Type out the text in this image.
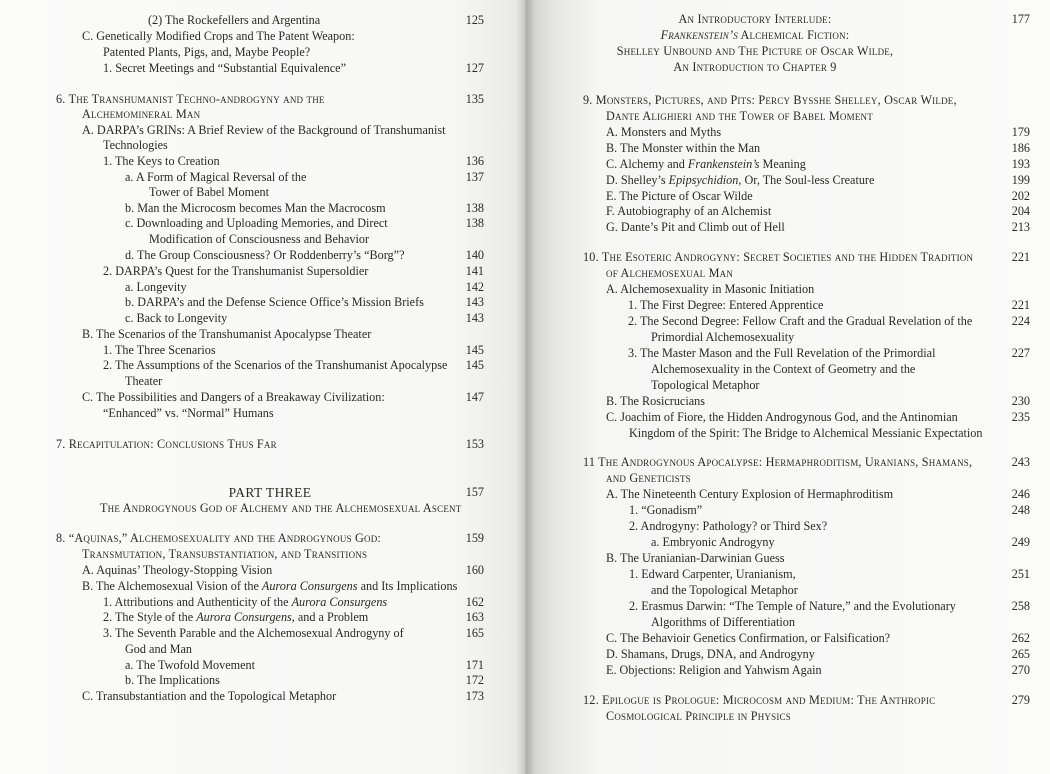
(2) The Rockefellers and Argentina	125
C. Genetically Modified Crops and The Patent Weapon:
Patented Plants, Pigs, and, Maybe People?
1. Secret Meetings and “Substantial Equivalence”	127
6. The Transhumanist Techno-androgyny and the	135
Alchemomineral Man
A. DARPA’s GRINs: A Brief Review of the Background of Transhumanist
Technologies
1. The Keys to Creation	136
a. A Form of Magical Reversal of the	137
Tower of Babel Moment
b. Man the Microcosm becomes Man the Macrocosm	138
c. Downloading and Uploading Memories, and Direct	138
Modification of Consciousness and Behavior
d. The Group Consciousness? Or Roddenberry’s “Borg”?	140
2. DARPA’s Quest for the Transhumanist Supersoldier	141
a. Longevity	142
b. DARPA’s and the Defense Science Office’s Mission Briefs	143
c. Back to Longevity	143
B. The Scenarios of the Transhumanist Apocalypse Theater
1. The Three Scenarios	145
2. The Assumptions of the Scenarios of the Transhumanist Apocalypse	145
Theater
C. The Possibilities and Dangers of a Breakaway Civilization:	147
“Enhanced” vs. “Normal” Humans
7. Recapitulation: Conclusions Thus Far	153
PART THREE	157
The Androgynous God of Alchemy and the Alchemosexual Ascent
8. “Aquinas,” Alchemosexuality and the Androgynous God:	159
Transmutation, Transubstantiation, and Transitions
A. Aquinas’ Theology-Stopping Vision	160
B. The Alchemosexual Vision of the Aurora Consurgens and Its Implications
1. Attributions and Authenticity of the Aurora Consurgens	162
2. The Style of the Aurora Consurgens, and a Problem	163
3. The Seventh Parable and the Alchemosexual Androgyny of	165
God and Man
a. The Twofold Movement	171
b. The Implications	172
C. Transubstantiation and the Topological Metaphor	173
An Introductory Interlude:	177
Frankenstein’s Alchemical Fiction:
Shelley Unbound and The Picture of Oscar Wilde,
An Introduction to Chapter 9
9. Monsters, Pictures, and Pits: Percy Bysshe Shelley, Oscar Wilde,
Dante Alighieri and the Tower of Babel Moment
A. Monsters and Myths	179
B. The Monster within the Man	186
C. Alchemy and Frankenstein’s Meaning	193
D. Shelley’s Epipsychidion, Or, The Soul-less Creature	199
E. The Picture of Oscar Wilde	202
F. Autobiography of an Alchemist	204
G. Dante’s Pit and Climb out of Hell	213
10. The Esoteric Androgyny: Secret Societies and the Hidden Tradition	221
of Alchemosexual Man
A. Alchemosexuality in Masonic Initiation
1. The First Degree: Entered Apprentice	221
2. The Second Degree: Fellow Craft and the Gradual Revelation of the	224
Primordial Alchemosexuality
3. The Master Mason and the Full Revelation of the Primordial	227
Alchemosexuality in the Context of Geometry and the
Topological Metaphor
B. The Rosicrucians	230
C. Joachim of Fiore, the Hidden Androgynous God, and the Antinomian	235
Kingdom of the Spirit: The Bridge to Alchemical Messianic Expectation
11 The Androgynous Apocalypse: Hermaphroditism, Uranians, Shamans,	243
and Geneticists
A. The Nineteenth Century Explosion of Hermaphroditism	246
1. “Gonadism”	248
2. Androgyny: Pathology? or Third Sex?
a. Embryonic Androgyny	249
B. The Uranianian-Darwinian Guess
1. Edward Carpenter, Uranianism,	251
and the Topological Metaphor
2. Erasmus Darwin: “The Temple of Nature,” and the Evolutionary	258
Algorithms of Differentiation
C. The Behavioir Genetics Confirmation, or Falsification?	262
D. Shamans, Drugs, DNA, and Androgyny	265
E. Objections: Religion and Yahwism Again	270
12. Epilogue is Prologue: Microcosm and Medium: The Anthropic	279
Cosmological Principle in Physics
